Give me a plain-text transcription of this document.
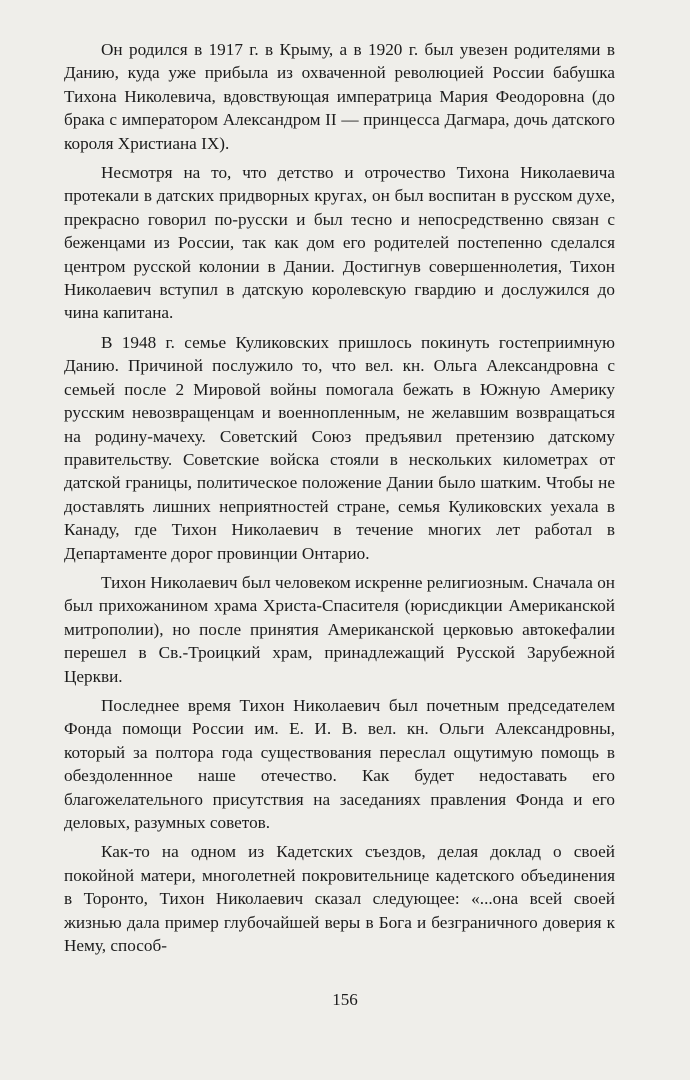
Он родился в 1917 г. в Крыму, а в 1920 г. был увезен родителями в Данию, куда уже прибыла из охваченной революцией России бабушка Тихона Николевича, вдовствующая императрица Мария Феодоровна (до брака с императором Александром II — принцесса Дагмара, дочь датского короля Христиана IX).

Несмотря на то, что детство и отрочество Тихона Николаевича протекали в датских придворных кругах, он был воспитан в русском духе, прекрасно говорил по-русски и был тесно и непосредственно связан с беженцами из России, так как дом его родителей постепенно сделался центром русской колонии в Дании. Достигнув совершеннолетия, Тихон Николаевич вступил в датскую королевскую гвардию и дослужился до чина капитана.

В 1948 г. семье Куликовских пришлось покинуть гостеприимную Данию. Причиной послужило то, что вел. кн. Ольга Александровна с семьей после 2 Мировой войны помогала бежать в Южную Америку русским невозвращенцам и военнопленным, не желавшим возвращаться на родину-мачеху. Советский Союз предъявил претензию датскому правительству. Советские войска стояли в нескольких километрах от датской границы, политическое положение Дании было шатким. Чтобы не доставлять лишних неприятностей стране, семья Куликовских уехала в Канаду, где Тихон Николаевич в течение многих лет работал в Департаменте дорог провинции Онтарио.

Тихон Николаевич был человеком искренне религиозным. Сначала он был прихожанином храма Христа-Спасителя (юрисдикции Американской митрополии), но после принятия Американской церковью автокефалии перешел в Св.-Троицкий храм, принадлежащий Русской Зарубежной Церкви.

Последнее время Тихон Николаевич был почетным председателем Фонда помощи России им. Е. И. В. вел. кн. Ольги Александровны, который за полтора года существования переслал ощутимую помощь в обездоленнное наше отечество. Как будет недоставать его благожелательного присутствия на заседаниях правления Фонда и его деловых, разумных советов.

Как-то на одном из Кадетских съездов, делая доклад о своей покойной матери, многолетней покровительнице кадетского объединения в Торонто, Тихон Николаевич сказал следующее: «...она всей своей жизнью дала пример глубочайшей веры в Бога и безграничного доверия к Нему, способ-

156
